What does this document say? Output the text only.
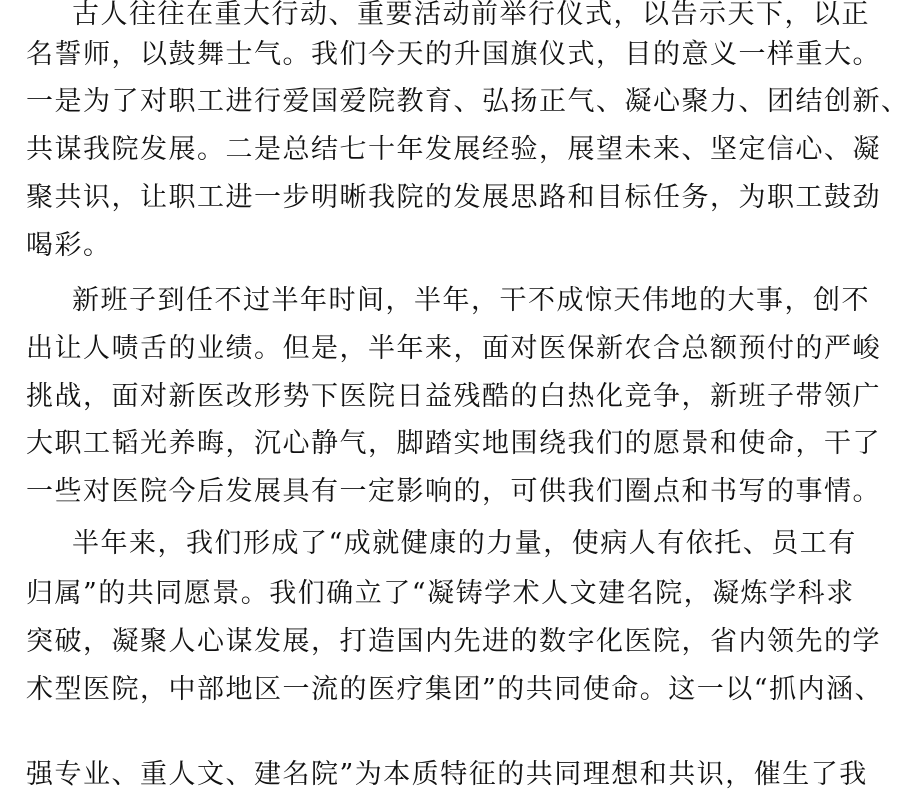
古人往往在重大行动、重要活动前举行仪式，以告示天下，以正
名誓师，以鼓舞士气。我们今天的升国旗仪式，目的意义一样重大。
一是为了对职工进行爱国爱院教育、弘扬正气、凝心聚力、团结创新、
共谋我院发展。二是总结七十年发展经验，展望未来、坚定信心、凝
聚共识，让职工进一步明晰我院的发展思路和目标任务，为职工鼓劲
喝彩。
新班子到任不过半年时间，半年，干不成惊天伟地的大事，创不
出让人啧舌的业绩。但是，半年来，面对医保新农合总额预付的严峻
挑战，面对新医改形势下医院日益残酷的白热化竞争，新班子带领广
大职工韬光养晦，沉心静气，脚踏实地围绕我们的愿景和使命，干了
一些对医院今后发展具有一定影响的，可供我们圈点和书写的事情。
半年来，我们形成了“成就健康的力量，使病人有依托、员工有
归属”的共同愿景。我们确立了“凝铸学术人文建名院，凝炼学科求
突破，凝聚人心谋发展，打造国内先进的数字化医院，省内领先的学
术型医院，中部地区一流的医疗集团”的共同使命。这一以“抓内涵、
强专业、重人文、建名院”为本质特征的共同理想和共识，催生了我
